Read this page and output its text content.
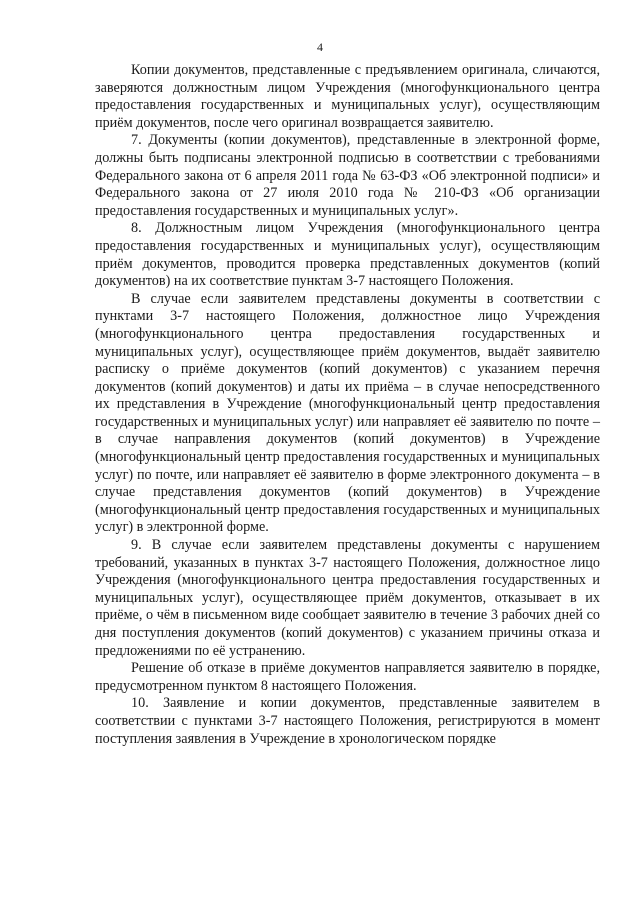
4

Копии документов, представленные с предъявлением оригинала, сличаются, заверяются должностным лицом Учреждения (многофункционального центра предоставления государственных и муниципальных услуг), осуществляющим приём документов, после чего оригинал возвращается заявителю.

7. Документы (копии документов), представленные в электронной форме, должны быть подписаны электронной подписью в соответствии с требованиями Федерального закона от 6 апреля 2011 года № 63-ФЗ «Об электронной подписи» и Федерального закона от 27 июля 2010 года № 210-ФЗ «Об организации предоставления государственных и муниципальных услуг».

8. Должностным лицом Учреждения (многофункционального центра предоставления государственных и муниципальных услуг), осуществляющим приём документов, проводится проверка представленных документов (копий документов) на их соответствие пунктам 3-7 настоящего Положения.

В случае если заявителем представлены документы в соответствии с пунктами 3-7 настоящего Положения, должностное лицо Учреждения (многофункционального центра предоставления государственных и муниципальных услуг), осуществляющее приём документов, выдаёт заявителю расписку о приёме документов (копий документов) с указанием перечня документов (копий документов) и даты их приёма – в случае непосредственного их представления в Учреждение (многофункциональный центр предоставления государственных и муниципальных услуг) или направляет её заявителю по почте – в случае направления документов (копий документов) в Учреждение (многофункциональный центр предоставления государственных и муниципальных услуг) по почте, или направляет её заявителю в форме электронного документа – в случае представления документов (копий документов) в Учреждение (многофункциональный центр предоставления государственных и муниципальных услуг) в электронной форме.

9. В случае если заявителем представлены документы с нарушением требований, указанных в пунктах 3-7 настоящего Положения, должностное лицо Учреждения (многофункционального центра предоставления государственных и муниципальных услуг), осуществляющее приём документов, отказывает в их приёме, о чём в письменном виде сообщает заявителю в течение 3 рабочих дней со дня поступления документов (копий документов) с указанием причины отказа и предложениями по её устранению.

Решение об отказе в приёме документов направляется заявителю в порядке, предусмотренном пунктом 8 настоящего Положения.

10. Заявление и копии документов, представленные заявителем в соответствии с пунктами 3-7 настоящего Положения, регистрируются в момент поступления заявления в Учреждение в хронологическом порядке
